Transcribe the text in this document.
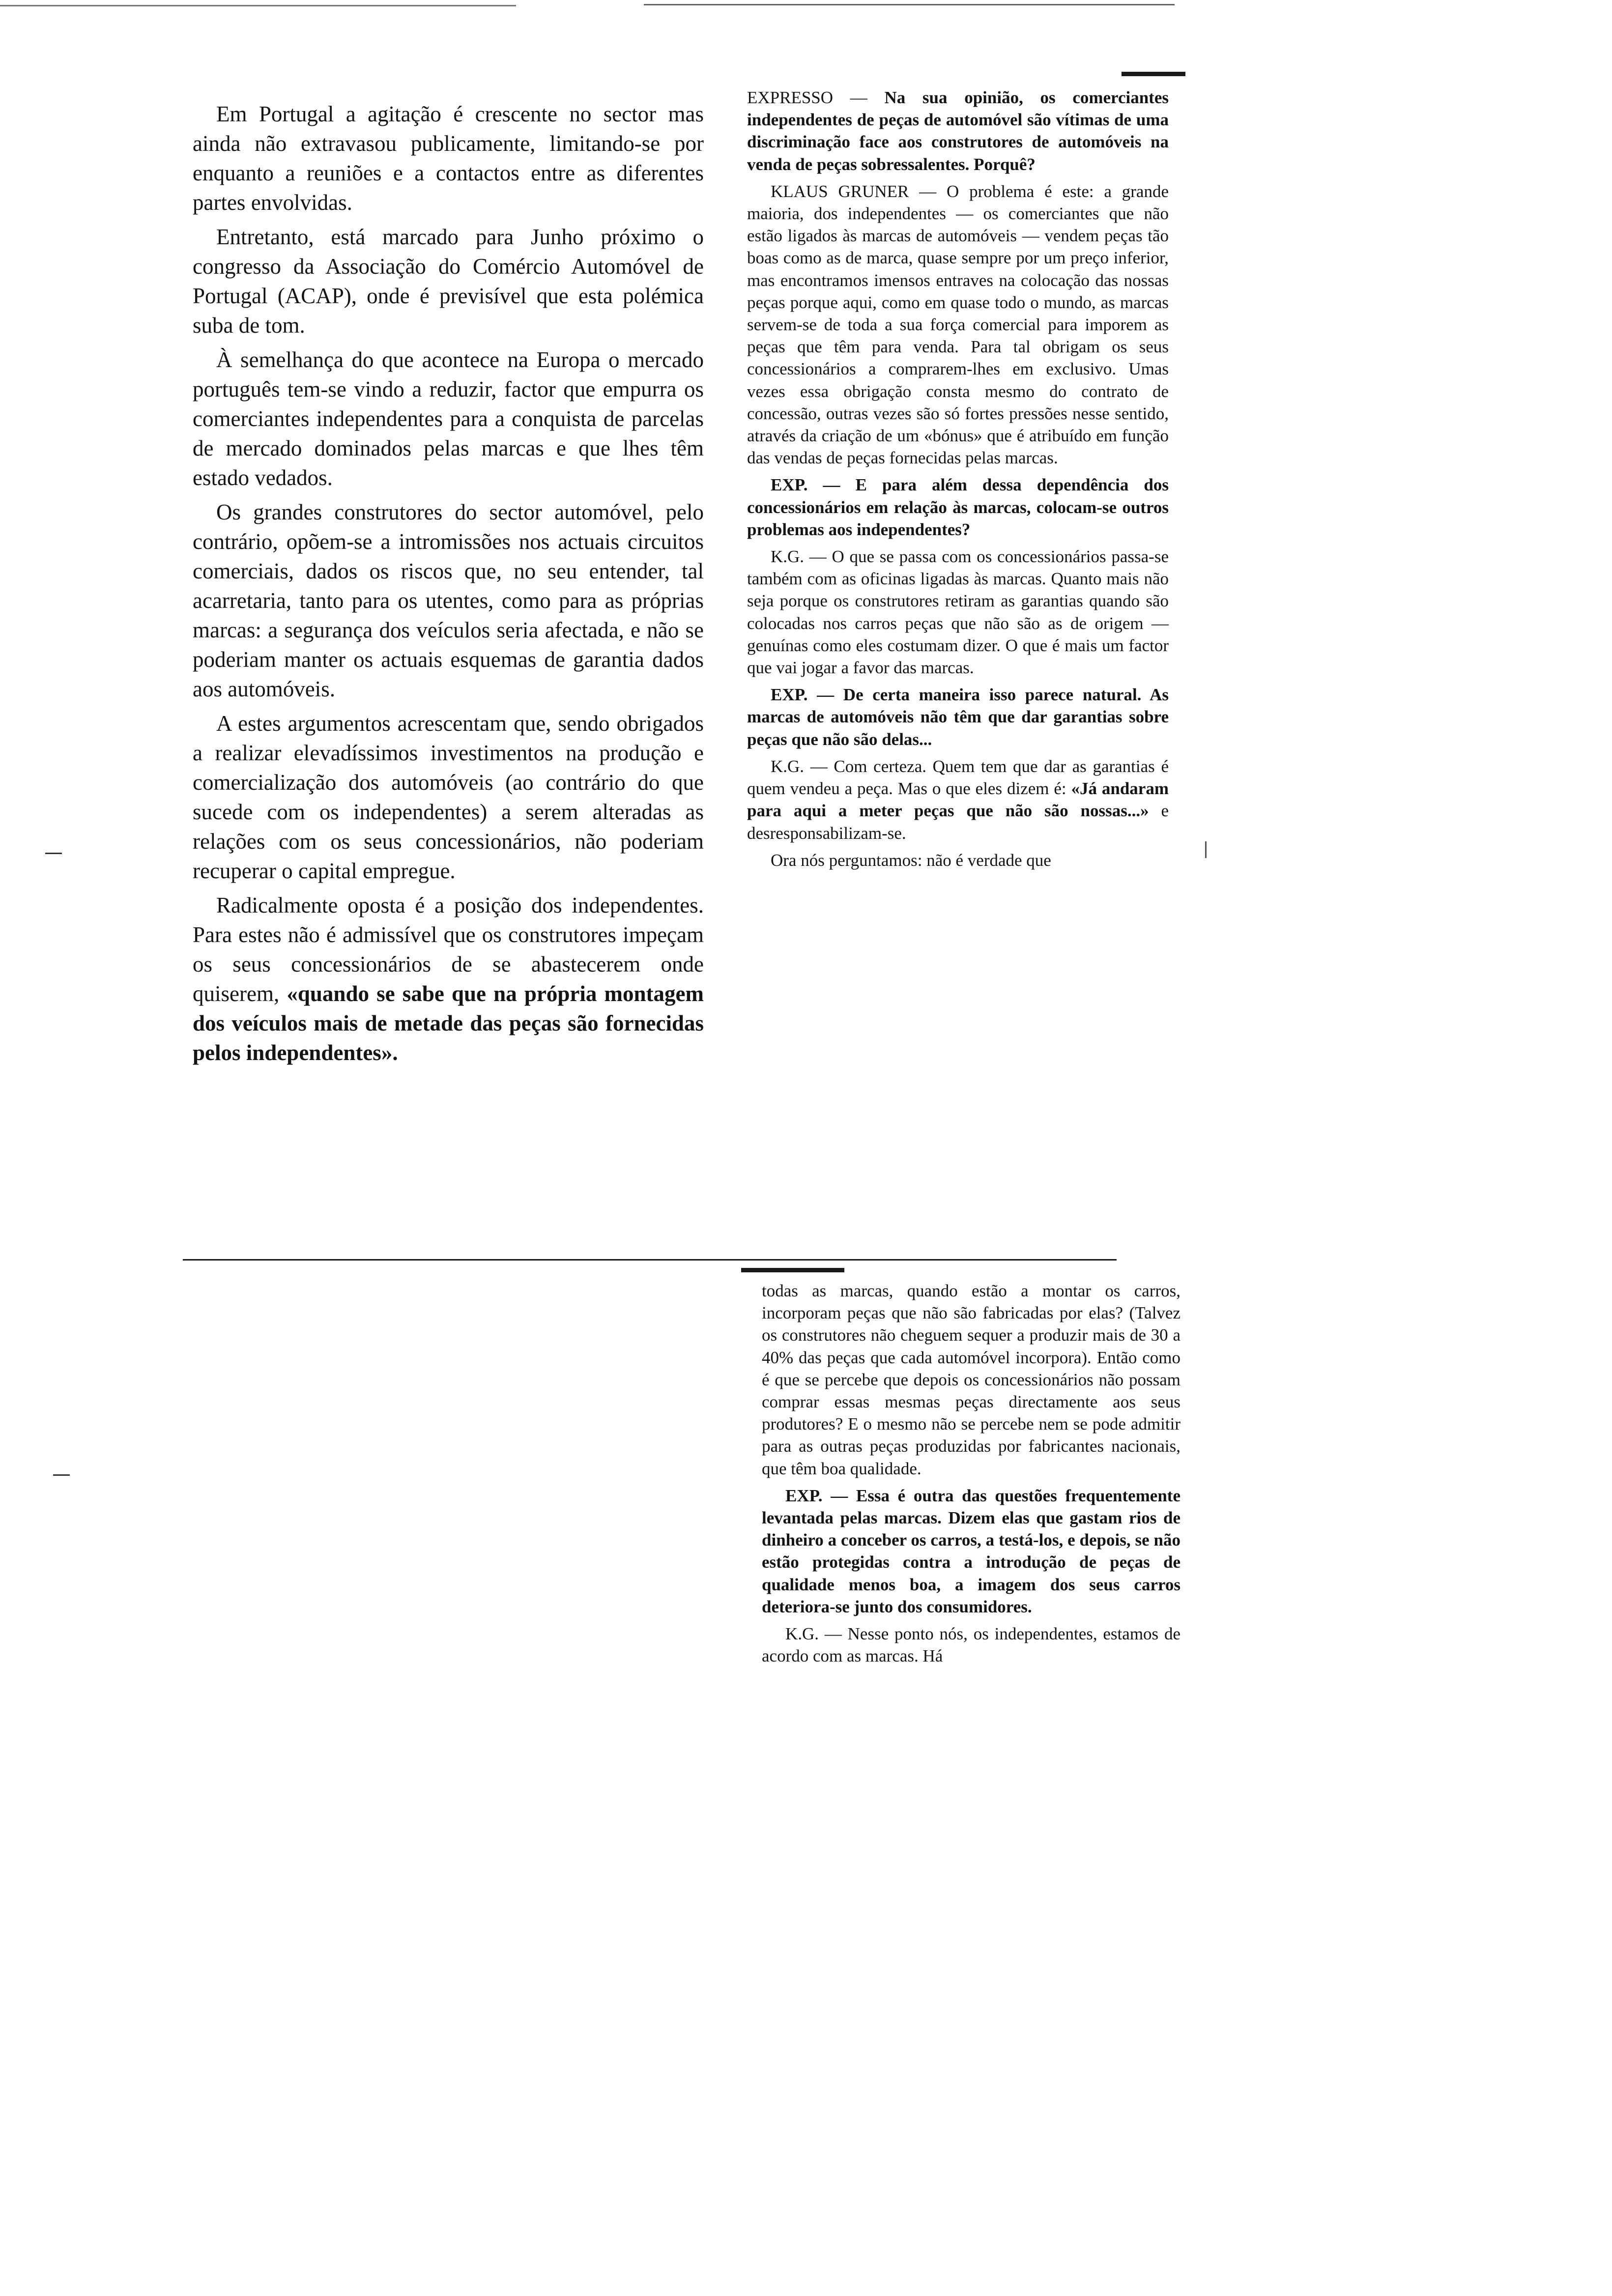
Em Portugal a agitação é crescente no sector mas ainda não extravasou publicamente, limitando-se por enquanto a reuniões e a contactos entre as diferentes partes envolvidas.

Entretanto, está marcado para Junho próximo o congresso da Associação do Comércio Automóvel de Portugal (ACAP), onde é previsível que esta polémica suba de tom.

À semelhança do que acontece na Europa o mercado português tem-se vindo a reduzir, factor que empurra os comerciantes independentes para a conquista de parcelas de mercado dominados pelas marcas e que lhes têm estado vedados.

Os grandes construtores do sector automóvel, pelo contrário, opõem-se a intromissões nos actuais circuitos comerciais, dados os riscos que, no seu entender, tal acarretaria, tanto para os utentes, como para as próprias marcas: a segurança dos veículos seria afectada, e não se poderiam manter os actuais esquemas de garantia dados aos automóveis.

A estes argumentos acrescentam que, sendo obrigados a realizar elevadíssimos investimentos na produção e comercialização dos automóveis (ao contrário do que sucede com os independentes) a serem alteradas as relações com os seus concessionários, não poderiam recuperar o capital empregue.

Radicalmente oposta é a posição dos independentes. Para estes não é admissível que os construtores impeçam os seus concessionários de se abastecerem onde quiserem, «quando se sabe que na própria montagem dos veículos mais de metade das peças são fornecidas pelos independentes».

EXPRESSO — Na sua opinião, os comerciantes independentes de peças de automóvel são vítimas de uma discriminação face aos construtores de automóveis na venda de peças sobressalentes. Porquê?

KLAUS GRUNER — O problema é este: a grande maioria, dos independentes — os comerciantes que não estão ligados às marcas de automóveis — vendem peças tão boas como as de marca, quase sempre por um preço inferior, mas encontramos imensos entraves na colocação das nossas peças porque aqui, como em quase todo o mundo, as marcas servem-se de toda a sua força comercial para imporem as peças que têm para venda. Para tal obrigam os seus concessionários a comprarem-lhes em exclusivo. Umas vezes essa obrigação consta mesmo do contrato de concessão, outras vezes são só fortes pressões nesse sentido, através da criação de um «bónus» que é atribuído em função das vendas de peças fornecidas pelas marcas.

EXP. — E para além dessa dependência dos concessionários em relação às marcas, colocam-se outros problemas aos independentes?

K.G. — O que se passa com os concessionários passa-se também com as oficinas ligadas às marcas. Quanto mais não seja porque os construtores retiram as garantias quando são colocadas nos carros peças que não são as de origem — genuínas como eles costumam dizer. O que é mais um factor que vai jogar a favor das marcas.

EXP. — De certa maneira isso parece natural. As marcas de automóveis não têm que dar garantias sobre peças que não são delas...

K.G. — Com certeza. Quem tem que dar as garantias é quem vendeu a peça. Mas o que eles dizem é: «Já andaram para aqui a meter peças que não são nossas...» e desresponsabilizam-se.

Ora nós perguntamos: não é verdade que

todas as marcas, quando estão a montar os carros, incorporam peças que não são fabricadas por elas? (Talvez os construtores não cheguem sequer a produzir mais de 30 a 40% das peças que cada automóvel incorpora). Então como é que se percebe que depois os concessionários não possam comprar essas mesmas peças directamente aos seus produtores? E o mesmo não se percebe nem se pode admitir para as outras peças produzidas por fabricantes nacionais, que têm boa qualidade.

EXP. — Essa é outra das questões frequentemente levantada pelas marcas. Dizem elas que gastam rios de dinheiro a conceber os carros, a testá-los, e depois, se não estão protegidas contra a introdução de peças de qualidade menos boa, a imagem dos seus carros deteriora-se junto dos consumidores.

K.G. — Nesse ponto nós, os independentes, estamos de acordo com as marcas. Há
